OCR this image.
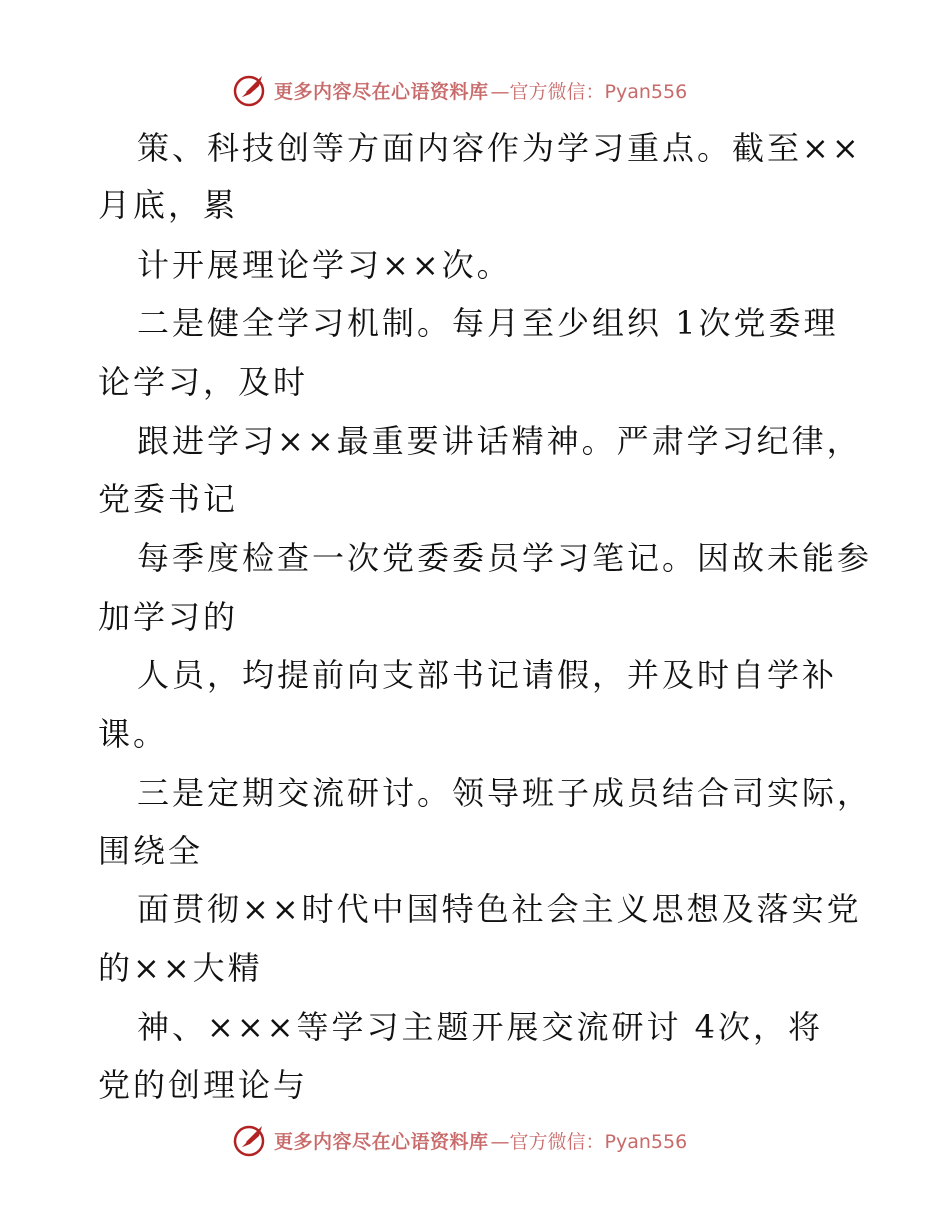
更多内容尽在心语资料库 —官方微信：Pyan556
策、科技创等方面内容作为学习重点。截至××
月底，累
计开展理论学习××次。
二是健全学习机制。每月至少组织 1次党委理
论学习，及时
跟进学习××最重要讲话精神。严肃学习纪律，
党委书记
每季度检查一次党委委员学习笔记。因故未能参
加学习的
人员，均提前向支部书记请假，并及时自学补
课。
三是定期交流研讨。领导班子成员结合司实际，
围绕全
面贯彻××时代中国特色社会主义思想及落实党
的××大精
神、×××等学习主题开展交流研讨 4次，将
党的创理论与
更多内容尽在心语资料库 —官方微信：Pyan556
